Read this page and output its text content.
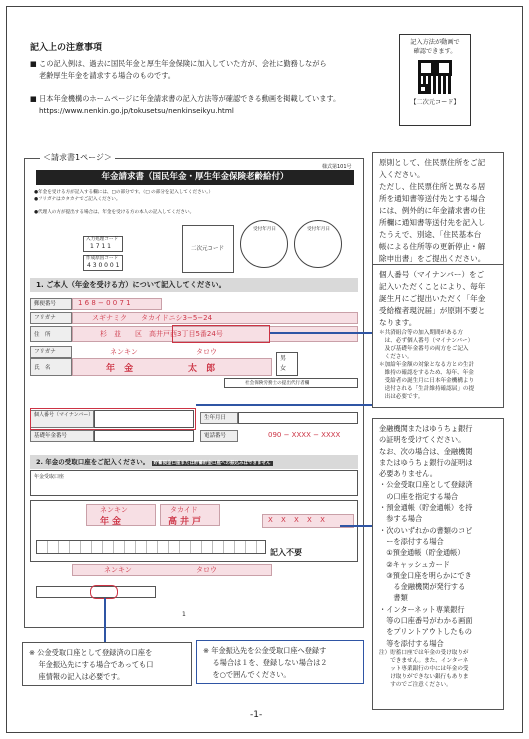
記入上の注意事項
■ この記入例は、過去に国民年金と厚生年金保険に加入していた方が、会社に勤務しながら
老齢厚生年金を請求する場合のものです。
■ 日本年金機構のホームページに年金請求書の記入方法等が確認できる動画を掲載しています。
https://www.nenkin.go.jp/tokusetsu/nenkinseikyu.html
記入方法が動画で
確認できます。
【二次元コード】
＜請求書1ページ＞
様式第101号
年金請求書（国民年金・厚生年金保険老齢給付）
●年金を受ける方が記入する欄には、□の部分です。（□ の部分を記入してください。）
●フリガナはカタカナでご記入ください。
●代理人の方が提出する場合は、年金を受ける方の本人の記入してください。
入力処理コード
1 7 1 1
作成原因コード
4 3 0 0 0 1
二次元コード
受付年月日	受付年月日
1. ご本人（年金を受ける方）について記入してください。
郵便番号	1 6 8 − 0 0 7 1
フリガナ	スギナミク　　タカイドニシ3−5−24
住　所	杉　並　　区　高井戸西3丁目5番24号
フリガナ	ネンキン	タロウ
氏　名	年 金	太 郎
男
女
社会保険労務士の提出代行者欄
個人番号（マイナンバー）
基礎年金番号
生年月日
電話番号	090 − XXXX − XXXX
2. 年金の受取口座をご記入ください。 貯蓄預金口座または貯蓄貯金口座への振込みはできません
年金受取口座
ネンキン
年金
タカイド
高井戸	X X X X X
記入不要
ネンキン	タロウ
1
原則として、住民票住所をご記
入ください。
ただし、住民票住所と異なる居
所を通知書等送付先とする場合
には、例外的に年金請求書の住
所欄に通知書等送付先を記入し
たうえで、別途、「住民基本台
帳による住所等の更新停止・解
除申出書」をご提出ください。
個人番号（マイナンバー）をご
記入いただくことにより、毎年
誕生月にご提出いただく「年金
受給権者現況届」が原則不要と
なります。
＊共済組合等の加入期間がある方
　は、必ず個人番号（マイナンバー）
　及び基礎年金番号の両方をご記入
　ください。
＊加給年金額の対象となる方との生計
　維持の確認をするため、毎年、年金
　受給者の誕生月に日本年金機構より
　送付される「生計維持確認届」の提
　出は必要です。
金融機関またはゆうちょ銀行
の証明を受けてください。
なお、次の場合は、金融機関
またはゆうちょ銀行の証明は
必要ありません。
・公金受取口座として登録済
　の口座を指定する場合
・預金通帳（貯金通帳）を持
　参する場合
・次のいずれかの書類のコピ
　ーを添付する場合
　①預金通帳（貯金通帳）
　②キャッシュカード
　③預金口座を明らかにでき
　　る金融機関が発行する
　　書類
・インターネット専業銀行
　等の口座番号がわかる画面
　をプリントアウトしたもの
　等を添付する場合
注）貯蓄口座では年金の受け取りが
　　できません。また、インターネ
　　ット専業銀行の中には年金の受
　　け取りができない銀行もありま
　　すのでご注意ください。
※ 公金受取口座として登録済の口座を
　 年金振込先にする場合であっても口
　 座情報の記入は必要です。
※ 年金振込先を公金受取口座へ登録す
　 る場合は１を、登録しない場合は２
　 を○で囲んでください。
-1-
